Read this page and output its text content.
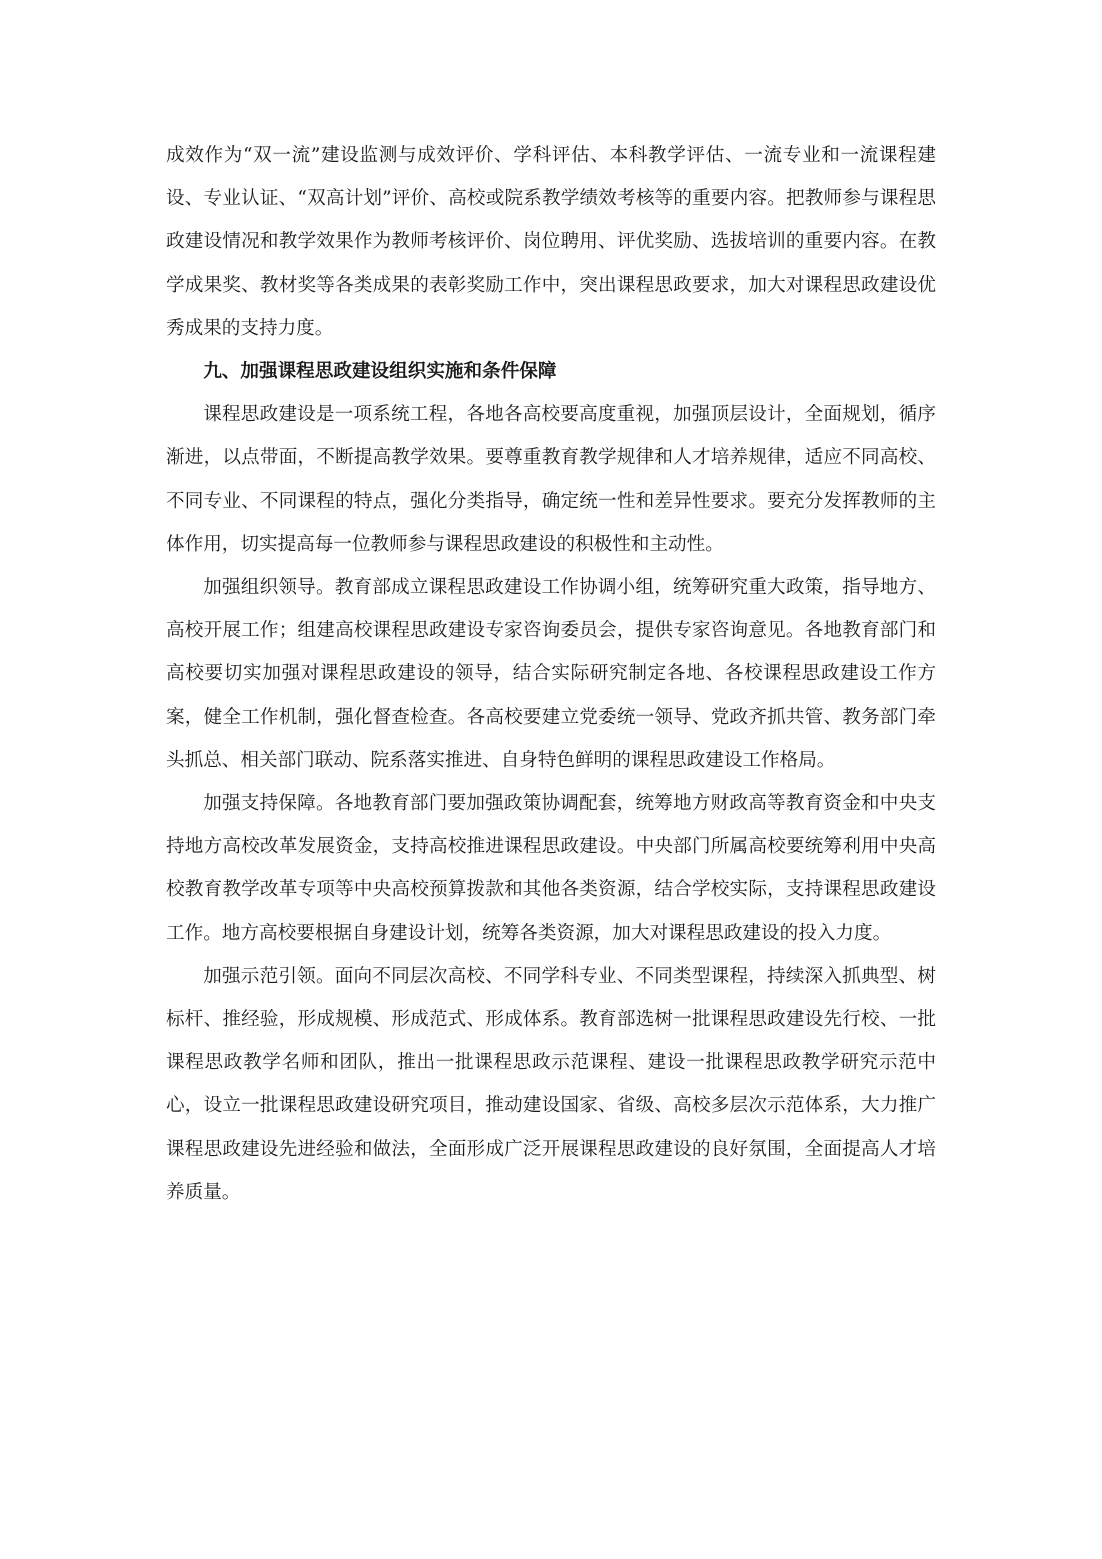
成效作为“双一流”建设监测与成效评价、学科评估、本科教学评估、一流专业和一流课程建设、专业认证、“双高计划”评价、高校或院系教学绩效考核等的重要内容。把教师参与课程思政建设情况和教学效果作为教师考核评价、岗位聘用、评优奖励、选拔培训的重要内容。在教学成果奖、教材奖等各类成果的表彰奖励工作中，突出课程思政要求，加大对课程思政建设优秀成果的支持力度。

九、加强课程思政建设组织实施和条件保障

课程思政建设是一项系统工程，各地各高校要高度重视，加强顶层设计，全面规划，循序渐进，以点带面，不断提高教学效果。要尊重教育教学规律和人才培养规律，适应不同高校、不同专业、不同课程的特点，强化分类指导，确定统一性和差异性要求。要充分发挥教师的主体作用，切实提高每一位教师参与课程思政建设的积极性和主动性。

加强组织领导。教育部成立课程思政建设工作协调小组，统筹研究重大政策，指导地方、高校开展工作；组建高校课程思政建设专家咨询委员会，提供专家咨询意见。各地教育部门和高校要切实加强对课程思政建设的领导，结合实际研究制定各地、各校课程思政建设工作方案，健全工作机制，强化督查检查。各高校要建立党委统一领导、党政齐抓共管、教务部门牵头抓总、相关部门联动、院系落实推进、自身特色鲜明的课程思政建设工作格局。

加强支持保障。各地教育部门要加强政策协调配套，统筹地方财政高等教育资金和中央支持地方高校改革发展资金，支持高校推进课程思政建设。中央部门所属高校要统筹利用中央高校教育教学改革专项等中央高校预算拨款和其他各类资源，结合学校实际，支持课程思政建设工作。地方高校要根据自身建设计划，统筹各类资源，加大对课程思政建设的投入力度。

加强示范引领。面向不同层次高校、不同学科专业、不同类型课程，持续深入抓典型、树标杆、推经验，形成规模、形成范式、形成体系。教育部选树一批课程思政建设先行校、一批课程思政教学名师和团队，推出一批课程思政示范课程、建设一批课程思政教学研究示范中心，设立一批课程思政建设研究项目，推动建设国家、省级、高校多层次示范体系，大力推广课程思政建设先进经验和做法，全面形成广泛开展课程思政建设的良好氛围，全面提高人才培养质量。
